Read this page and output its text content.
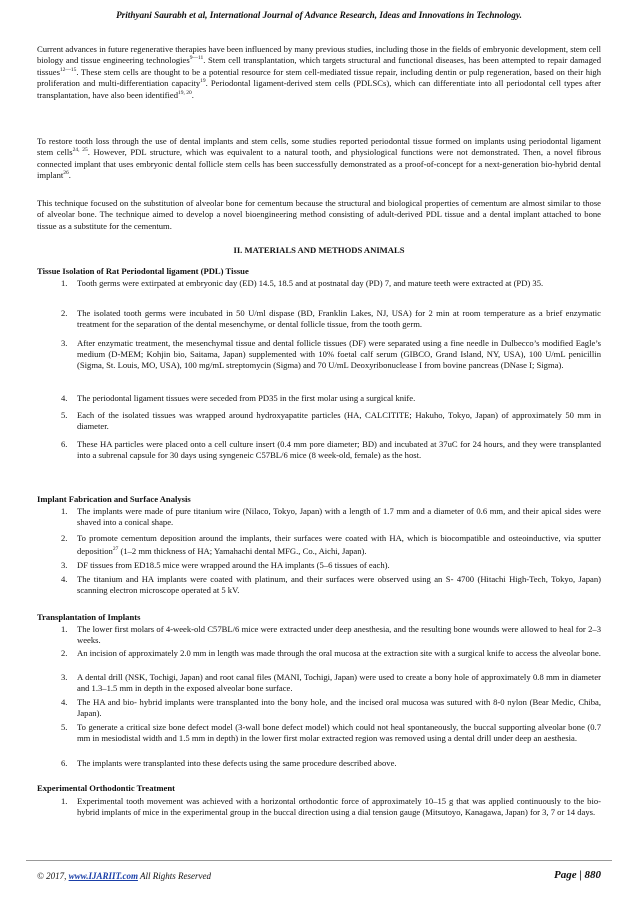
Prithyani Saurabh et al, International Journal of Advance Research, Ideas and Innovations in Technology.

Current advances in future regenerative therapies have been influenced by many previous studies, including those in the fields of embryonic development, stem cell biology and tissue engineering technologies$^{9—11}$. Stem cell transplantation, which targets structural and functional diseases, has been attempted to repair damaged tissues$^{12—15}$. These stem cells are thought to be a potential resource for stem cell-mediated tissue repair, including dentin or pulp regeneration, based on their high proliferation and multi-differentiation capacity$^{19}$. Periodontal ligament-derived stem cells (PDLSCs), which can differentiate into all periodontal cell types after transplantation, have also been identified$^{19, 20}$.

To restore tooth loss through the use of dental implants and stem cells, some studies reported periodontal tissue formed on implants using periodontal ligament stem cells$^{24, 25}$. However, PDL structure, which was equivalent to a natural tooth, and physiological functions were not demonstrated. Then, a novel fibrous connected implant that uses embryonic dental follicle stem cells has been successfully demonstrated as a proof-of-concept for a next-generation bio-hybrid dental implant$^{26}$.

This technique focused on the substitution of alveolar bone for cementum because the structural and biological properties of cementum are almost similar to those of alveolar bone. The technique aimed to develop a novel bioengineering method consisting of adult-derived PDL tissue and a dental implant attached to bone tissue as a substitute for the cementum.

II. MATERIALS AND METHODS ANIMALS
Tissue Isolation of Rat Periodontal ligament (PDL) Tissue

1. Tooth germs were extirpated at embryonic day (ED) 14.5, 18.5 and at postnatal day (PD) 7, and mature teeth were extracted at (PD) 35.

2. The isolated tooth germs were incubated in 50 U/ml dispase (BD, Franklin Lakes, NJ, USA) for 2 min at room temperature as a brief enzymatic treatment for the separation of the dental mesenchyme, or dental follicle tissue, from the tooth germ.

3. After enzymatic treatment, the mesenchymal tissue and dental follicle tissues (DF) were separated using a fine needle in Dulbecco’s modified Eagle’s medium (D-MEM; Kohjin bio, Saitama, Japan) supplemented with 10% foetal calf serum (GIBCO, Grand Island, NY, USA), 100 U/mL penicillin (Sigma, St. Louis, MO, USA), 100 mg/mL streptomycin (Sigma) and 70 U/mL Deoxyribonuclease I from bovine pancreas (DNase I; Sigma).

4. The periodontal ligament tissues were seceded from PD35 in the first molar using a surgical knife.

5. Each of the isolated tissues was wrapped around hydroxyapatite particles (HA, CALCITITE; Hakuho, Tokyo, Japan) of approximately 50 mm in diameter.

6. These HA particles were placed onto a cell culture insert (0.4 mm pore diameter; BD) and incubated at 37uC for 24 hours, and they were transplanted into a subrenal capsule for 30 days using syngeneic C57BL/6 mice (8 week-old, female) as the host.

Implant Fabrication and Surface Analysis

1. The implants were made of pure titanium wire (Nilaco, Tokyo, Japan) with a length of 1.7 mm and a diameter of 0.6 mm, and their apical sides were shaved into a conical shape.

2. To promote cementum deposition around the implants, their surfaces were coated with HA, which is biocompatible and osteoinductive, via sputter deposition$^{27}$ (1–2 mm thickness of HA; Yamahachi dental MFG., Co., Aichi, Japan).

3. DF tissues from ED18.5 mice were wrapped around the HA implants (5–6 tissues of each).

4. The titanium and HA implants were coated with platinum, and their surfaces were observed using an S- 4700 (Hitachi High-Tech, Tokyo, Japan) scanning electron microscope operated at 5 kV.

Transplantation of Implants

1. The lower first molars of 4-week-old C57BL/6 mice were extracted under deep anesthesia, and the resulting bone wounds were allowed to heal for 2–3 weeks.

2. An incision of approximately 2.0 mm in length was made through the oral mucosa at the extraction site with a surgical knife to access the alveolar bone.

3. A dental drill (NSK, Tochigi, Japan) and root canal files (MANI, Tochigi, Japan) were used to create a bony hole of approximately 0.8 mm in diameter and 1.3–1.5 mm in depth in the exposed alveolar bone surface.

4. The HA and bio- hybrid implants were transplanted into the bony hole, and the incised oral mucosa was sutured with 8-0 nylon (Bear Medic, Chiba, Japan).

5. To generate a critical size bone defect model (3-wall bone defect model) which could not heal spontaneously, the buccal supporting alveolar bone (0.7 mm in mesiodistal width and 1.5 mm in depth) in the lower first molar extracted region was removed using a dental drill under deep an aesthesia.

6. The implants were transplanted into these defects using the same procedure described above.

Experimental Orthodontic Treatment

1. Experimental tooth movement was achieved with a horizontal orthodontic force of approximately 10–15 g that was applied continuously to the bio-hybrid implants of mice in the experimental group in the buccal direction using a dial tension gauge (Mitsutoyo, Kanagawa, Japan) for 3, 7 or 14 days.

© 2017, www.IJARIIT.com All Rights Reserved	Page | 880
